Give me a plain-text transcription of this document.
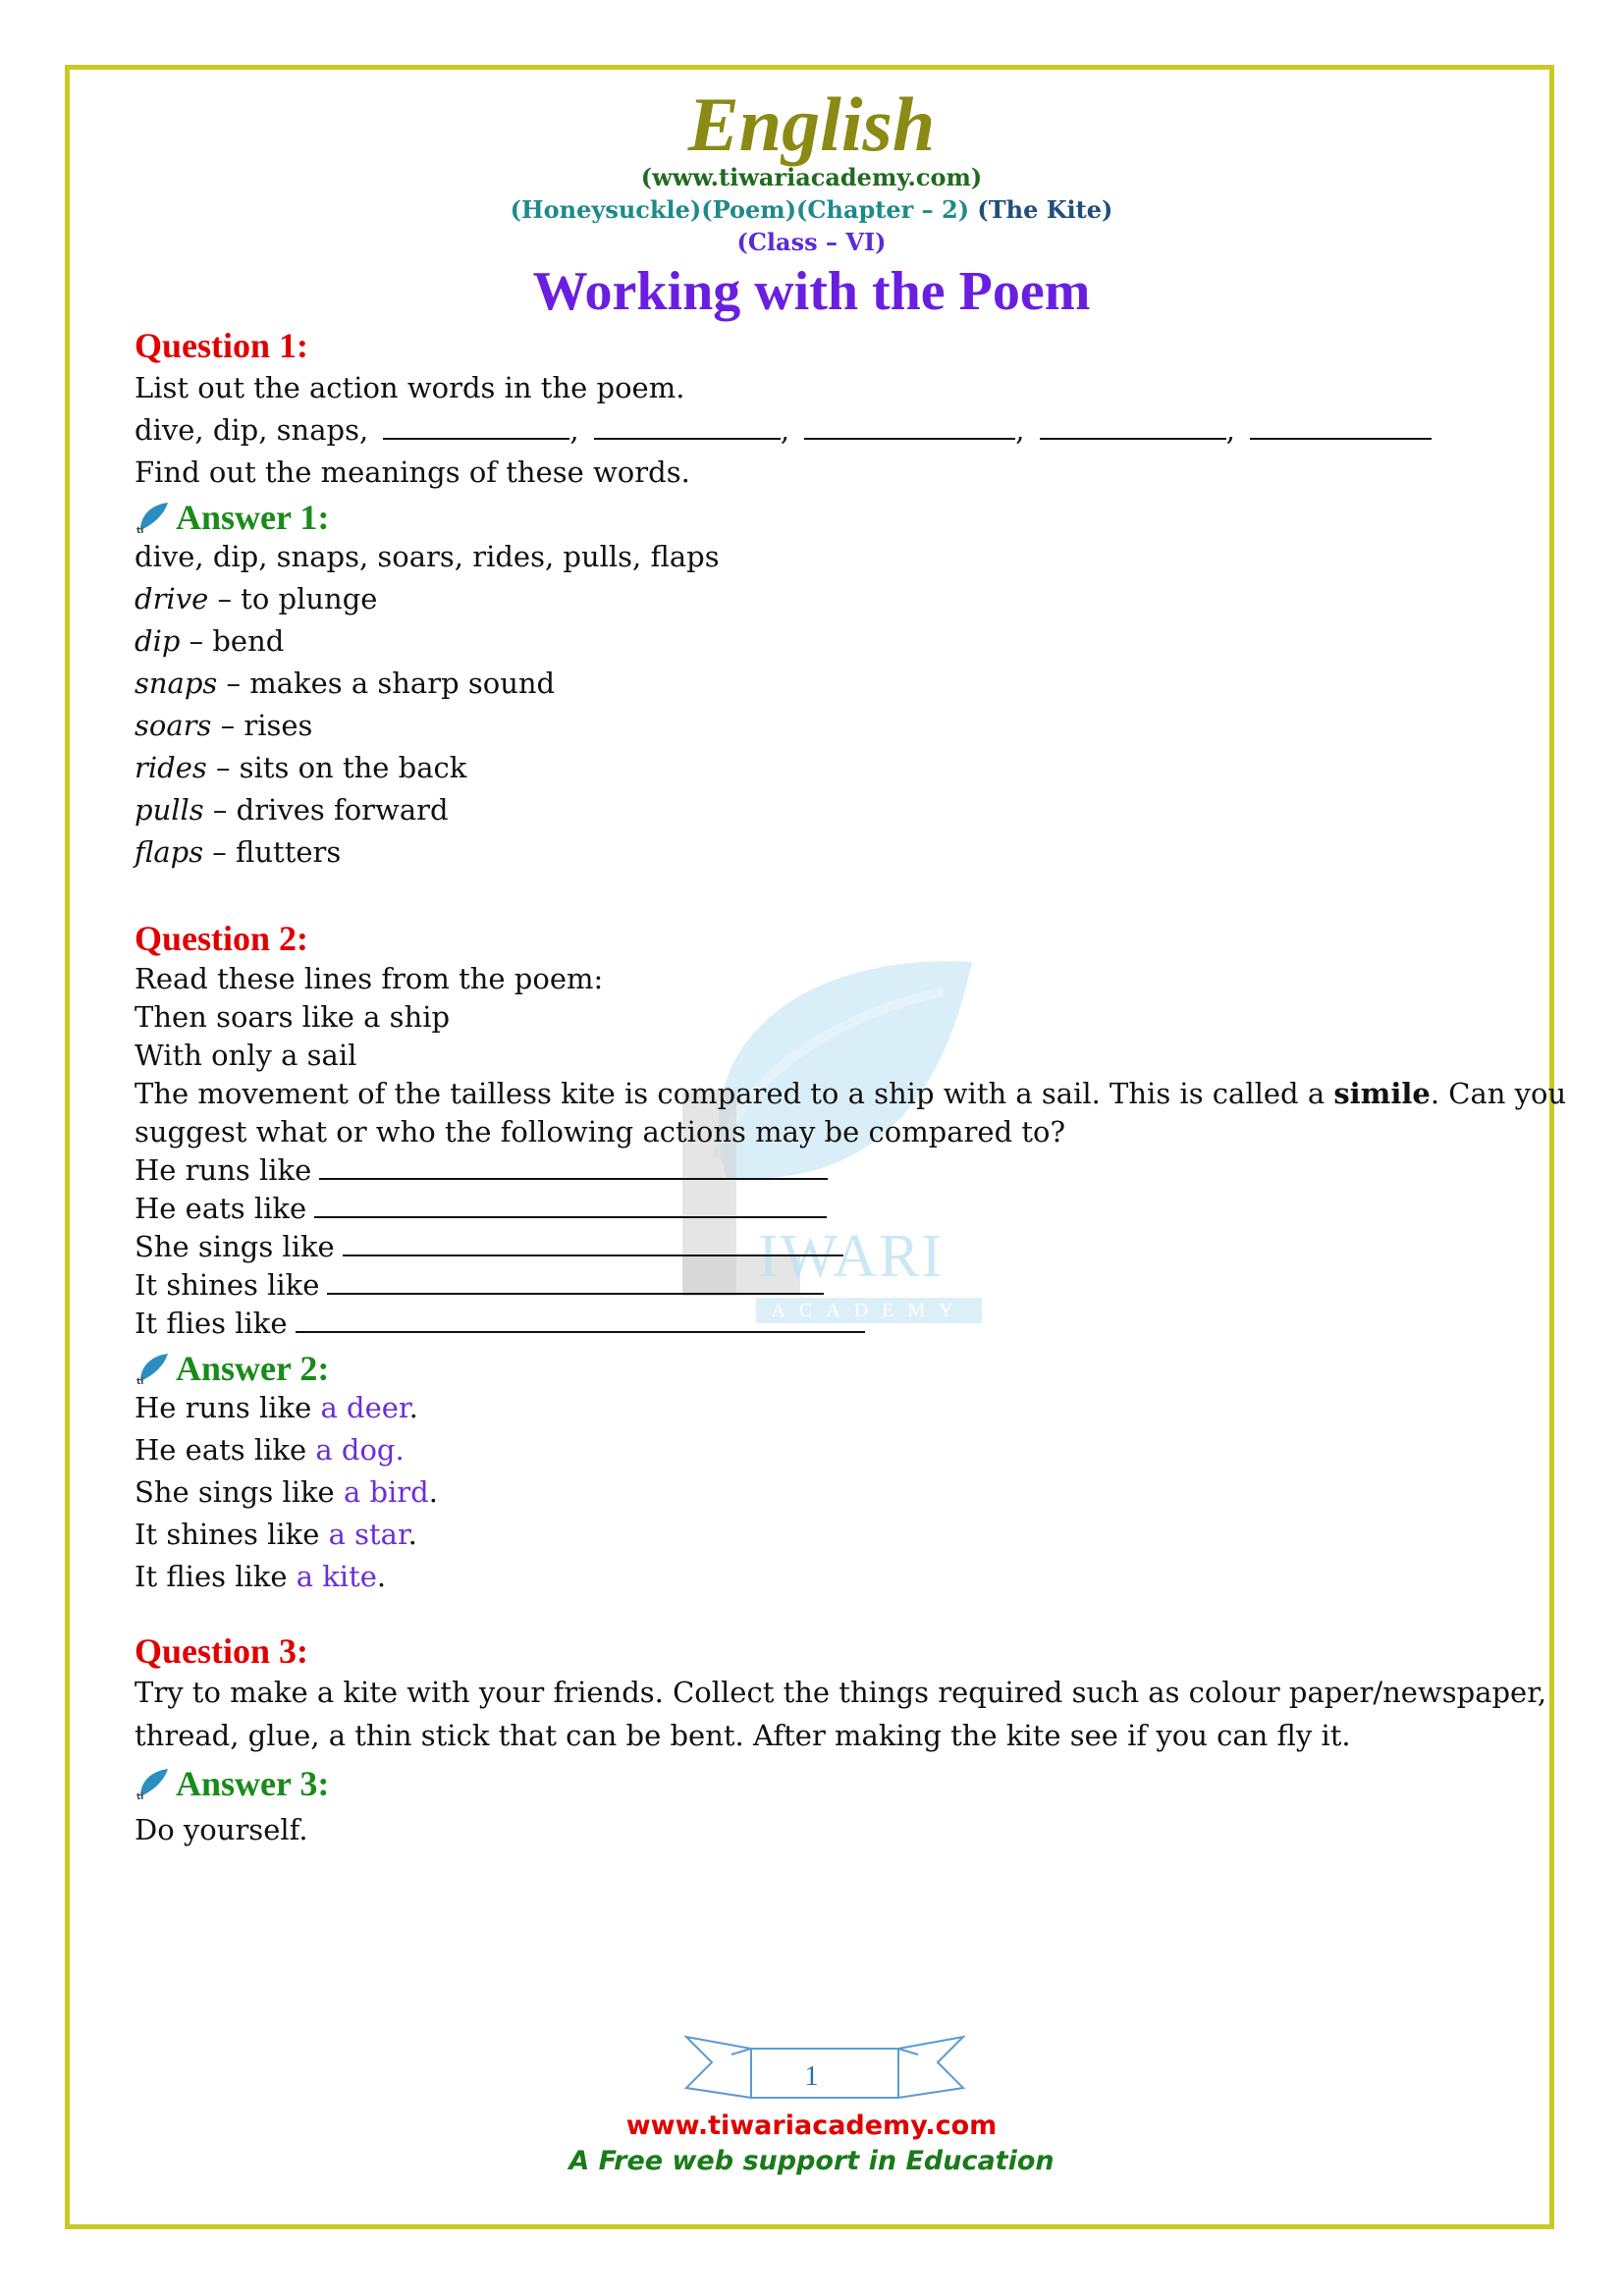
IWARI
ACADEMY
English
(www.tiwariacademy.com)
(Honeysuckle)(Poem)(Chapter – 2) (The Kite)
(Class – VI)
Working with the Poem
Question 1:
List out the action words in the poem.
dive, dip, snaps,	,	,	,	,
Find out the meanings of these words.
ti Answer 1:
dive, dip, snaps, soars, rides, pulls, flaps
drive – to plunge
dip – bend
snaps – makes a sharp sound
soars – rises
rides – sits on the back
pulls – drives forward
flaps – flutters
Question 2:
Read these lines from the poem:
Then soars like a ship
With only a sail
The movement of the tailless kite is compared to a ship with a sail. This is called a simile. Can you
suggest what or who the following actions may be compared to?
He runs like
He eats like
She sings like
It shines like
It flies like
ti Answer 2:
He runs like a deer.
He eats like a dog.
She sings like a bird.
It shines like a star.
It flies like a kite.
Question 3:
Try to make a kite with your friends. Collect the things required such as colour paper/newspaper,
thread, glue, a thin stick that can be bent. After making the kite see if you can fly it.
ti Answer 3:
Do yourself.
1
www.tiwariacademy.com
A Free web support in Education
